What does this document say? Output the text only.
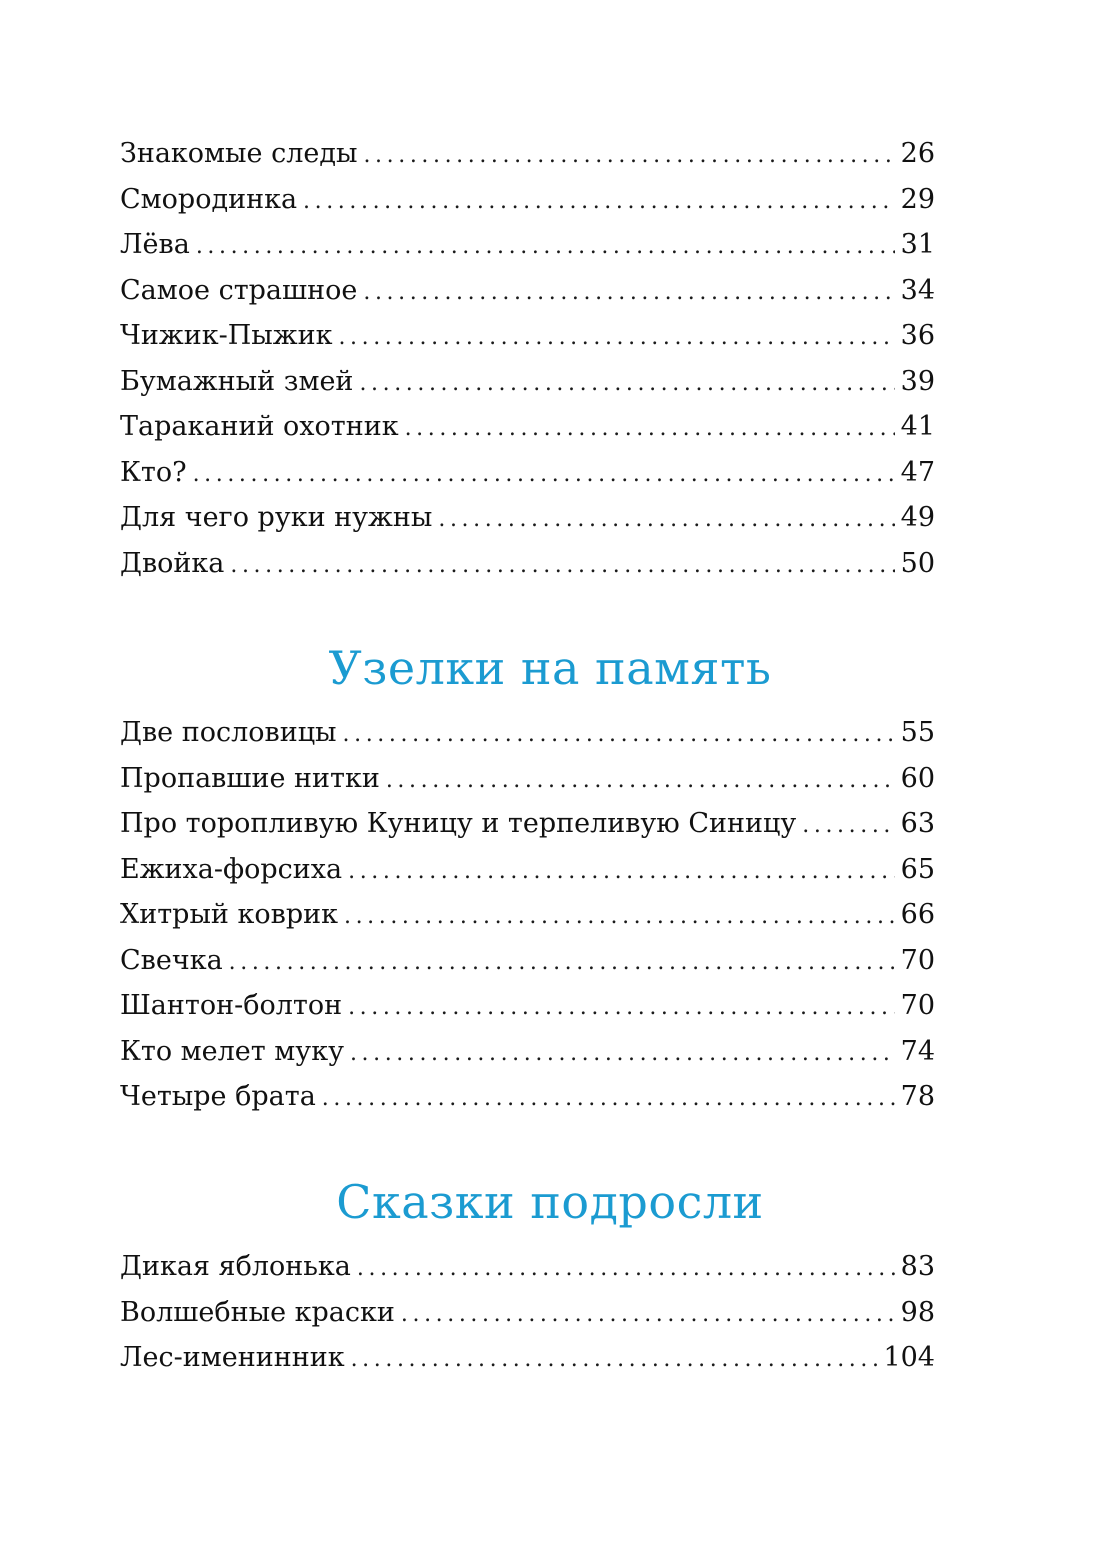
Знакомые следы . . .	26
Смородинка . . .	29
Лёва . . .	31
Самое страшное . . .	34
Чижик-Пыжик . . .	36
Бумажный змей . . .	39
Тараканий охотник . . .	41
Кто? . . .	47
Для чего руки нужны . . .	49
Двойка . . .	50
Узелки на память
Две пословицы . . .	55
Пропавшие нитки . . .	60
Про торопливую Куницу и терпеливую Синицу . . .	63
Ежиха-форсиха . . .	65
Хитрый коврик . . .	66
Свечка . . .	70
Шантон-болтон . . .	70
Кто мелет муку . . .	74
Четыре брата . . .	78
Сказки подросли
Дикая яблонька . . .	83
Волшебные краски . . .	98
Лес-именинник . . .	104
